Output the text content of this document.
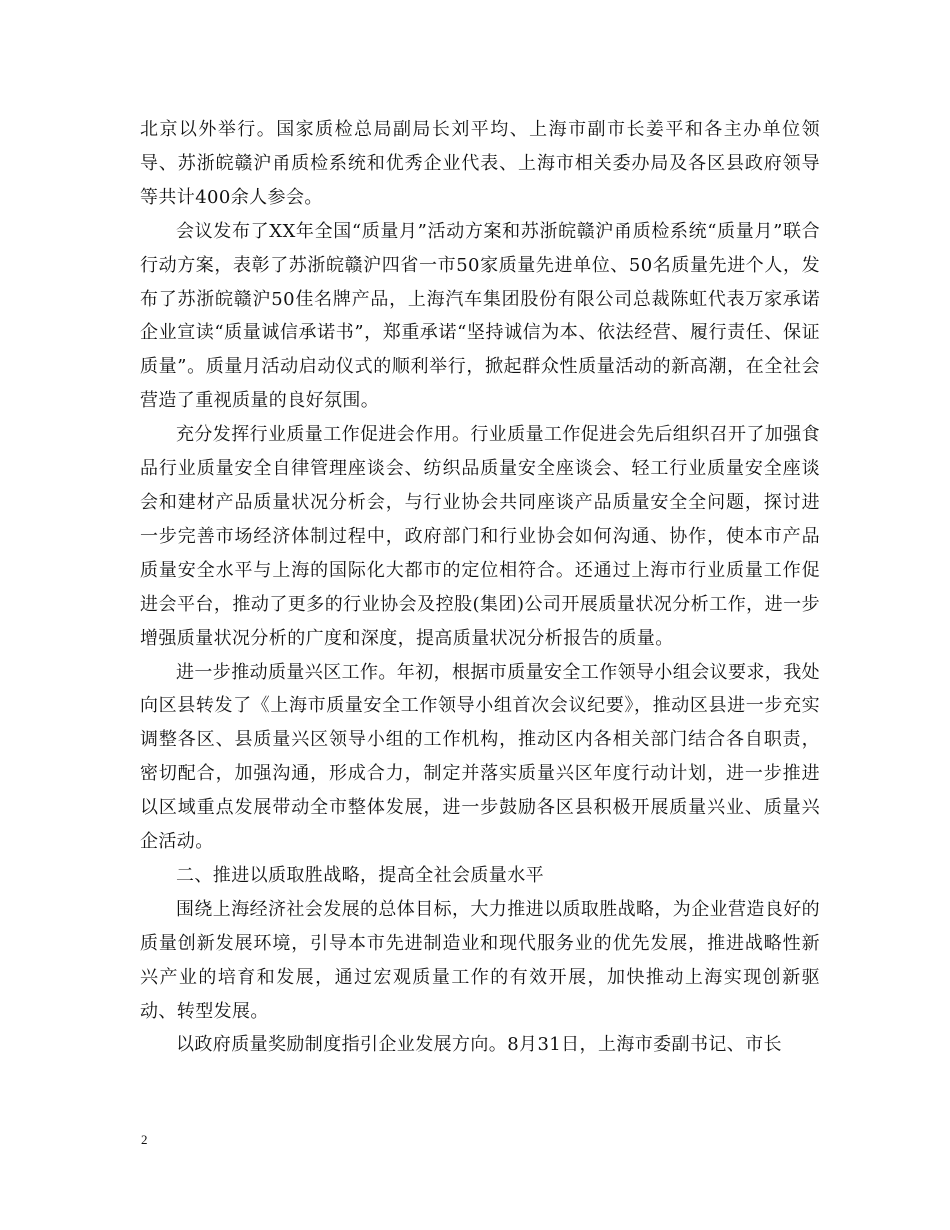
北京以外举行。国家质检总局副局长刘平均、上海市副市长姜平和各主办单位领导、苏浙皖赣沪甬质检系统和优秀企业代表、上海市相关委办局及各区县政府领导等共计400余人参会。

会议发布了XX年全国“质量月”活动方案和苏浙皖赣沪甬质检系统“质量月”联合行动方案，表彰了苏浙皖赣沪四省一市50家质量先进单位、50名质量先进个人，发布了苏浙皖赣沪50佳名牌产品，上海汽车集团股份有限公司总裁陈虹代表万家承诺企业宣读“质量诚信承诺书”，郑重承诺“坚持诚信为本、依法经营、履行责任、保证质量”。质量月活动启动仪式的顺利举行，掀起群众性质量活动的新高潮，在全社会营造了重视质量的良好氛围。

充分发挥行业质量工作促进会作用。行业质量工作促进会先后组织召开了加强食品行业质量安全自律管理座谈会、纺织品质量安全座谈会、轻工行业质量安全座谈会和建材产品质量状况分析会，与行业协会共同座谈产品质量安全全问题，探讨进一步完善市场经济体制过程中，政府部门和行业协会如何沟通、协作，使本市产品质量安全水平与上海的国际化大都市的定位相符合。还通过上海市行业质量工作促进会平台，推动了更多的行业协会及控股(集团)公司开展质量状况分析工作，进一步增强质量状况分析的广度和深度，提高质量状况分析报告的质量。

进一步推动质量兴区工作。年初，根据市质量安全工作领导小组会议要求，我处向区县转发了《上海市质量安全工作领导小组首次会议纪要》，推动区县进一步充实调整各区、县质量兴区领导小组的工作机构，推动区内各相关部门结合各自职责，密切配合，加强沟通，形成合力，制定并落实质量兴区年度行动计划，进一步推进以区域重点发展带动全市整体发展，进一步鼓励各区县积极开展质量兴业、质量兴企活动。

二、推进以质取胜战略，提高全社会质量水平

围绕上海经济社会发展的总体目标，大力推进以质取胜战略，为企业营造良好的质量创新发展环境，引导本市先进制造业和现代服务业的优先发展，推进战略性新兴产业的培育和发展，通过宏观质量工作的有效开展，加快推动上海实现创新驱动、转型发展。

以政府质量奖励制度指引企业发展方向。8月31日，上海市委副书记、市长

2
